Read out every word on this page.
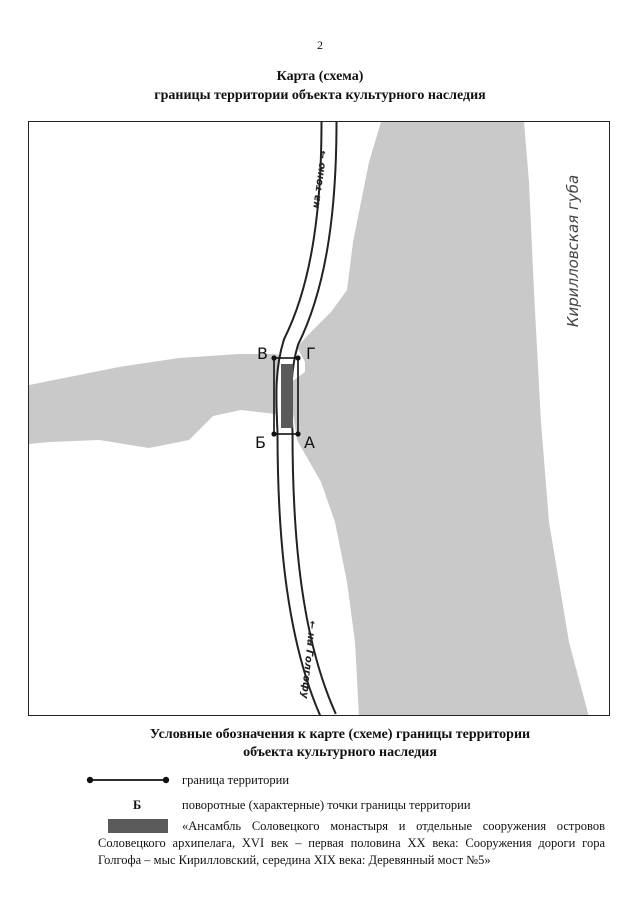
2
Карта (схема)
границы территории объекта культурного наследия
на тоню →
← на Голгофу
Кирилловская губа
В Г
Б А
Условные обозначения к карте (схеме) границы территории
объекта культурного наследия
граница территории
Б	поворотные (характерные) точки границы территории
«Ансамбль Соловецкого монастыря и отдельные сооружения островов Соловецкого архипелага, XVI век – первая половина XX века: Сооружения дороги гора Голгофа – мыс Кирилловский, середина XIX века: Деревянный мост №5»
